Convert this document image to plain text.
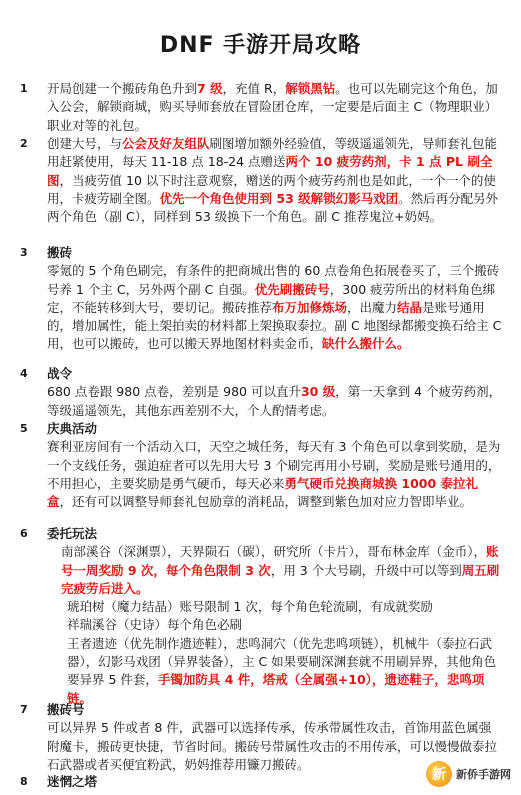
DNF 手游开局攻略
1 开局创建一个搬砖角色升到7 级，充值 R，解锁黑钻。也可以先刷完这个角色，加入公会，解锁商城，购买导师套放在冒险团仓库，一定要是后面主 C（物理职业）职业对等的礼包。
2 创建大号，与公会及好友组队刷图增加额外经验值，等级遥遥领先，导师套礼包能用赶紧使用，每天 11-18 点 18-24 点赠送两个 10 疲劳药剂，卡 1 点 PL 刷全图，当疲劳值 10 以下时注意观察，赠送的两个疲劳药剂也是如此，一个一个的使用，卡疲劳刷全图。优先一个角色使用到 53 级解锁幻影马戏团。然后再分配另外两个角色（副 C），同样到 53 级换下一个角色。副 C 推荐鬼泣+奶妈。
3 搬砖
零氪的 5 个角色刷完，有条件的把商城出售的 60 点卷角色拓展卷买了，三个搬砖号养 1 个主 C，另外两个副 C 自强。优先刷搬砖号，300 疲劳所出的材料角色绑定，不能转移到大号，要切记。搬砖推荐布万加修炼场，出魔力结晶是账号通用的，增加属性，能上架拍卖的材料都上架换取泰拉。副 C 地图绿都搬变换石给主 C 用，也可以搬砖，也可以搬天界地图材料卖金币，缺什么搬什么。
4 战令
680 点卷跟 980 点卷，差别是 980 可以直升30 级，第一天拿到 4 个疲劳药剂，等级遥遥领先，其他东西差别不大，个人酌情考虑。
5 庆典活动
赛利亚房间有一个活动入口，天空之城任务，每天有 3 个角色可以拿到奖励，是为一个支线任务，强迫症者可以先用大号 3 个刷完再用小号刷，奖励是账号通用的，不用担心，主要奖励是勇气硬币，每天必来勇气硬币兑换商城换 1000 泰拉礼盒，还有可以调整导师套礼包励章的消耗品，调整到紫色加对应力智即毕业。
6 委托玩法
南部溪谷（深渊票），天界陨石（碳），研究所（卡片），哥布林金库（金币），账号一周奖励 9 次，每个角色限制 3 次，用 3 个大号刷，升级中可以等到周五刷完疲劳后进入。
琥珀树（魔力结晶）账号限制 1 次，每个角色轮流刷，有成就奖励
祥瑞溪谷（史诗）每个角色必刷
王者遗迹（优先制作遗迹鞋），悲鸣洞穴（优先悲鸣项链），机械牛（泰拉石武器），幻影马戏团（异界装备），主 C 如果要刷深渊套就不用刷异界，其他角色要异界 5 件套，手镯加防具 4 件，塔戒（全属强+10），遗迹鞋子，悲鸣项链。
7 搬砖号
可以异界 5 件或者 8 件，武器可以选择传承，传承带属性攻击，首饰用蓝色属强附魔卡，搬砖更快捷，节省时间。搬砖号带属性攻击的不用传承，可以慢慢做泰拉石武器或者买便宜粉武，奶妈推荐用镰刀搬砖。
8 迷惘之塔	新 新侨手游网
